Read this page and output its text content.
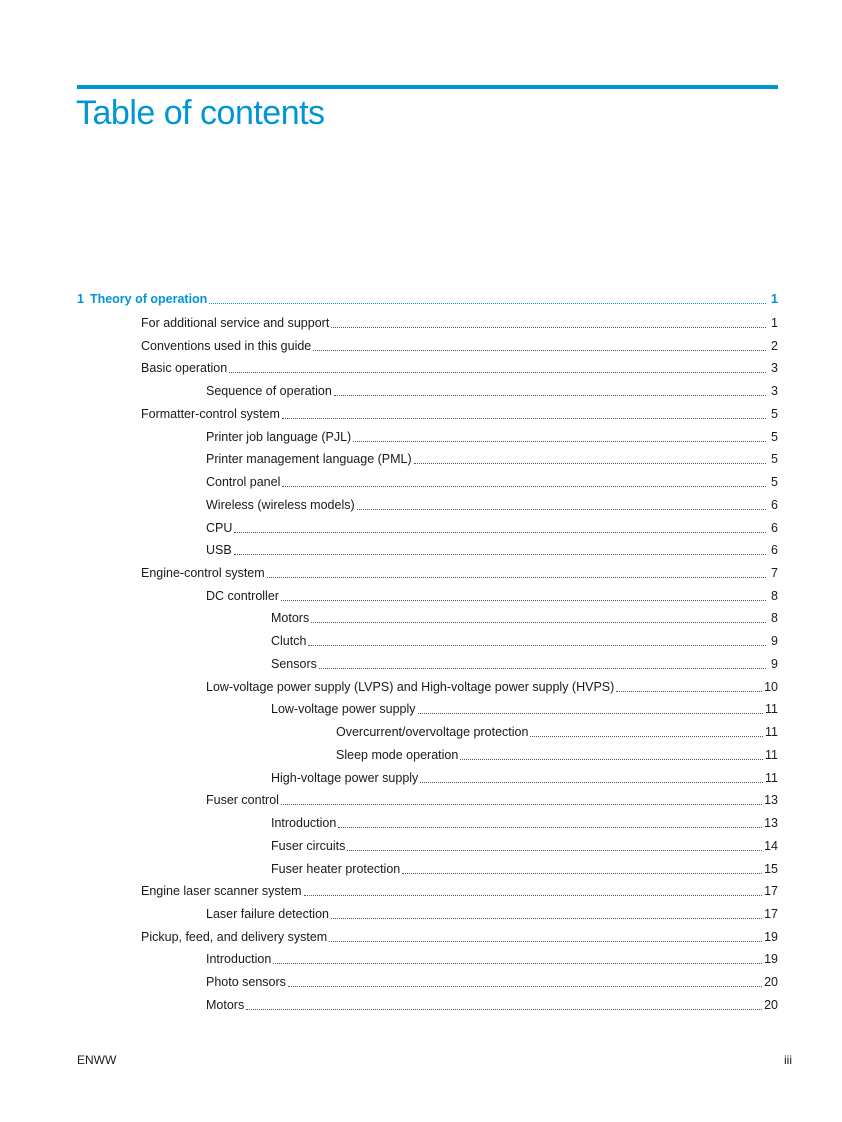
Table of contents
1 Theory of operation	1
For additional service and support	1
Conventions used in this guide	2
Basic operation	3
Sequence of operation	3
Formatter-control system	5
Printer job language (PJL)	5
Printer management language (PML)	5
Control panel	5
Wireless (wireless models)	6
CPU	6
USB	6
Engine-control system	7
DC controller	8
Motors	8
Clutch	9
Sensors	9
Low-voltage power supply (LVPS) and High-voltage power supply (HVPS)	10
Low-voltage power supply	11
Overcurrent/overvoltage protection	11
Sleep mode operation	11
High-voltage power supply	11
Fuser control	13
Introduction	13
Fuser circuits	14
Fuser heater protection	15
Engine laser scanner system	17
Laser failure detection	17
Pickup, feed, and delivery system	19
Introduction	19
Photo sensors	20
Motors	20
ENWW	iii
